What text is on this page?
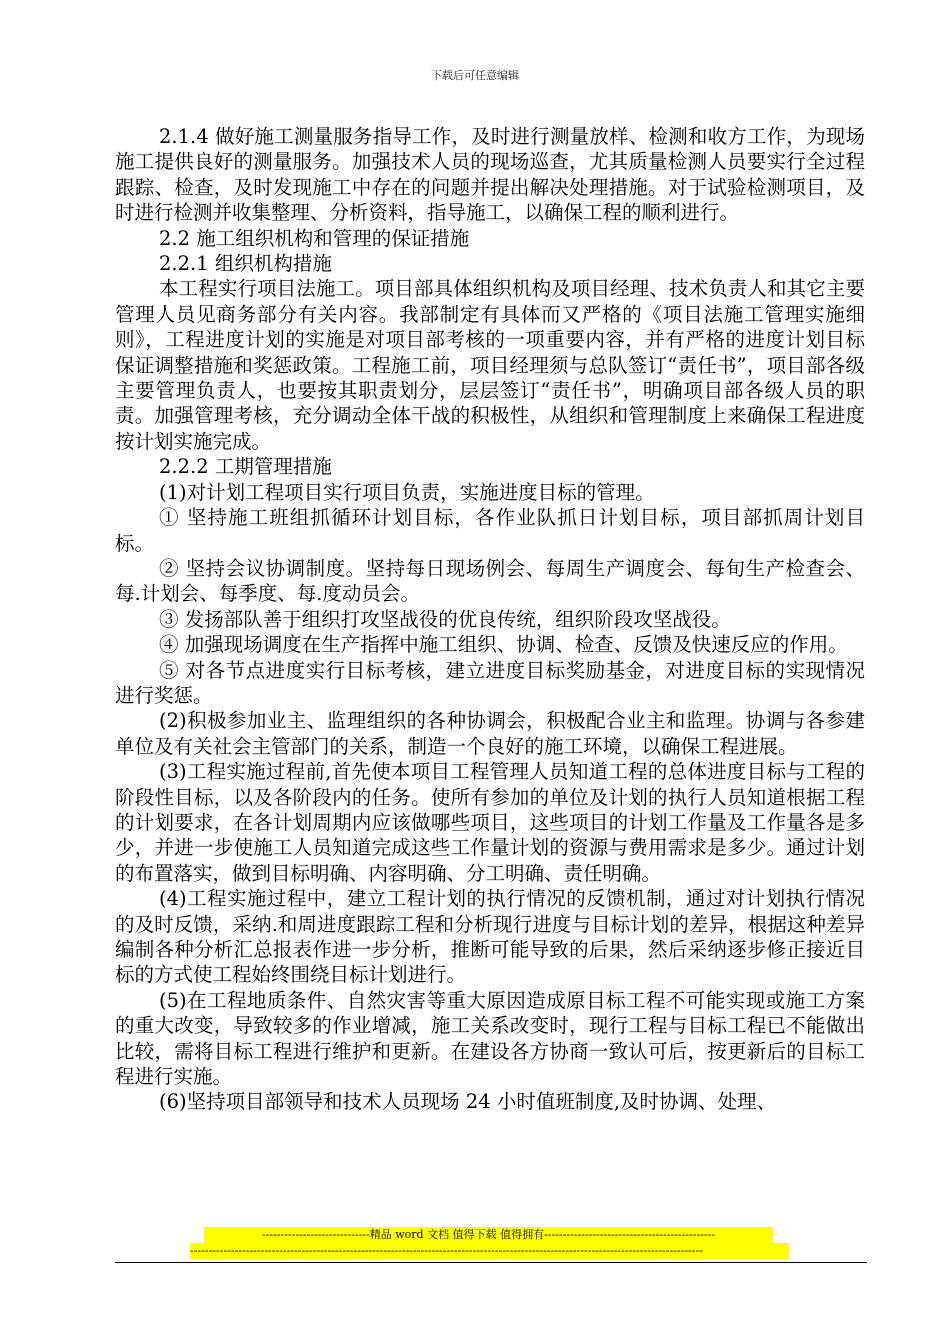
下载后可任意编辑

2.1.4 做好施工测量服务指导工作，及时进行测量放样、检测和收方工作，为现场施工提供良好的测量服务。加强技术人员的现场巡查，尤其质量检测人员要实行全过程跟踪、检查，及时发现施工中存在的问题并提出解决处理措施。对于试验检测项目，及时进行检测并收集整理、分析资料，指导施工，以确保工程的顺利进行。

2.2 施工组织机构和管理的保证措施

2.2.1 组织机构措施

本工程实行项目法施工。项目部具体组织机构及项目经理、技术负责人和其它主要管理人员见商务部分有关内容。我部制定有具体而又严格的《项目法施工管理实施细则》，工程进度计划的实施是对项目部考核的一项重要内容，并有严格的进度计划目标保证调整措施和奖惩政策。工程施工前，项目经理须与总队签订“责任书”，项目部各级主要管理负责人，也要按其职责划分，层层签订“责任书”，明确项目部各级人员的职责。加强管理考核，充分调动全体干战的积极性，从组织和管理制度上来确保工程进度按计划实施完成。

2.2.2 工期管理措施

(1)对计划工程项目实行项目负责，实施进度目标的管理。

① 坚持施工班组抓循环计划目标，各作业队抓日计划目标，项目部抓周计划目标。

② 坚持会议协调制度。坚持每日现场例会、每周生产调度会、每旬生产检查会、每.计划会、每季度、每.度动员会。

③ 发扬部队善于组织打攻坚战役的优良传统，组织阶段攻坚战役。

④ 加强现场调度在生产指挥中施工组织、协调、检查、反馈及快速反应的作用。

⑤ 对各节点进度实行目标考核，建立进度目标奖励基金，对进度目标的实现情况进行奖惩。

(2)积极参加业主、监理组织的各种协调会，积极配合业主和监理。协调与各参建单位及有关社会主管部门的关系，制造一个良好的施工环境，以确保工程进展。

(3)工程实施过程前,首先使本项目工程管理人员知道工程的总体进度目标与工程的阶段性目标，以及各阶段内的任务。使所有参加的单位及计划的执行人员知道根据工程的计划要求，在各计划周期内应该做哪些项目，这些项目的计划工作量及工作量各是多少，并进一步使施工人员知道完成这些工作量计划的资源与费用需求是多少。通过计划的布置落实，做到目标明确、内容明确、分工明确、责任明确。

(4)工程实施过程中，建立工程计划的执行情况的反馈机制，通过对计划执行情况的及时反馈，采纳.和周进度跟踪工程和分析现行进度与目标计划的差异，根据这种差异编制各种分析汇总报表作进一步分析，推断可能导致的后果，然后采纳逐步修正接近目标的方式使工程始终围绕目标计划进行。

(5)在工程地质条件、自然灾害等重大原因造成原目标工程不可能实现或施工方案的重大改变，导致较多的作业增减，施工关系改变时，现行工程与目标工程已不能做出比较，需将目标工程进行维护和更新。在建设各方协商一致认可后，按更新后的目标工程进行实施。

(6)坚持项目部领导和技术人员现场 24 小时值班制度,及时协调、处理、

-----------------------------精品 word 文档 值得下载 值得拥有----------------------------------------------
------------------------------------------------------------------------------------------------------------------------------------------
